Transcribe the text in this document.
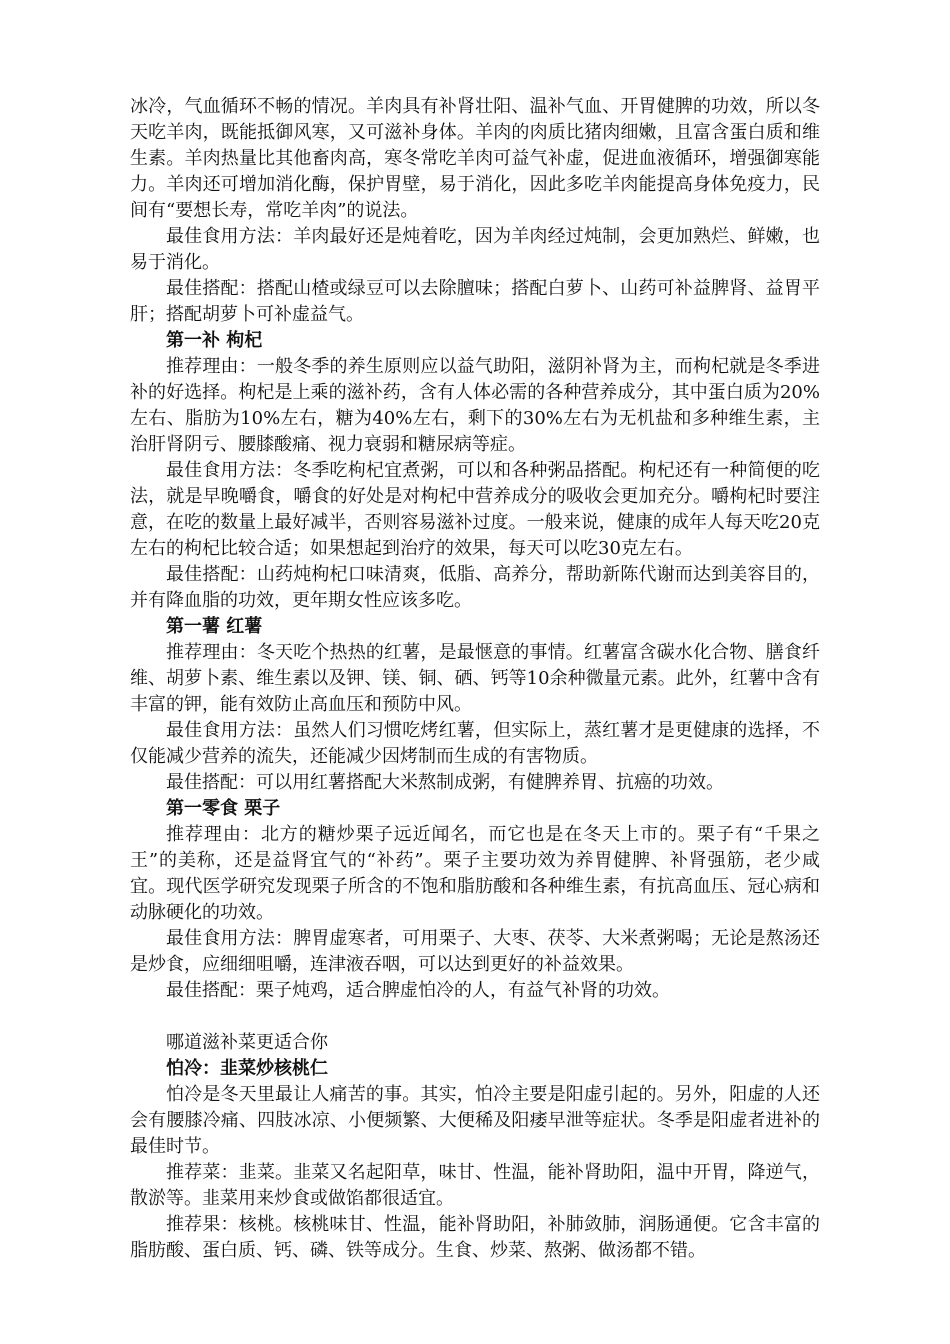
冰冷，气血循环不畅的情况。羊肉具有补肾壮阳、温补气血、开胃健脾的功效，所以冬天吃羊肉，既能抵御风寒，又可滋补身体。羊肉的肉质比猪肉细嫩，且富含蛋白质和维生素。羊肉热量比其他畜肉高，寒冬常吃羊肉可益气补虚，促进血液循环，增强御寒能力。羊肉还可增加消化酶，保护胃壁，易于消化，因此多吃羊肉能提高身体免疫力，民间有“要想长寿，常吃羊肉”的说法。

最佳食用方法：羊肉最好还是炖着吃，因为羊肉经过炖制，会更加熟烂、鲜嫩，也易于消化。

最佳搭配：搭配山楂或绿豆可以去除膻味；搭配白萝卜、山药可补益脾肾、益胃平肝；搭配胡萝卜可补虚益气。

第一补 枸杞

推荐理由：一般冬季的养生原则应以益气助阳，滋阴补肾为主，而枸杞就是冬季进补的好选择。枸杞是上乘的滋补药，含有人体必需的各种营养成分，其中蛋白质为20%左右、脂肪为10%左右，糖为40%左右，剩下的30%左右为无机盐和多种维生素，主治肝肾阴亏、腰膝酸痛、视力衰弱和糖尿病等症。

最佳食用方法：冬季吃枸杞宜煮粥，可以和各种粥品搭配。枸杞还有一种简便的吃法，就是早晚嚼食，嚼食的好处是对枸杞中营养成分的吸收会更加充分。嚼枸杞时要注意，在吃的数量上最好减半，否则容易滋补过度。一般来说，健康的成年人每天吃20克左右的枸杞比较合适；如果想起到治疗的效果，每天可以吃30克左右。

最佳搭配：山药炖枸杞口味清爽，低脂、高养分，帮助新陈代谢而达到美容目的，并有降血脂的功效，更年期女性应该多吃。

第一薯 红薯

推荐理由：冬天吃个热热的红薯，是最惬意的事情。红薯富含碳水化合物、膳食纤维、胡萝卜素、维生素以及钾、镁、铜、硒、钙等10余种微量元素。此外，红薯中含有丰富的钾，能有效防止高血压和预防中风。

最佳食用方法：虽然人们习惯吃烤红薯，但实际上，蒸红薯才是更健康的选择，不仅能减少营养的流失，还能减少因烤制而生成的有害物质。

最佳搭配：可以用红薯搭配大米熬制成粥，有健脾养胃、抗癌的功效。

第一零食 栗子

推荐理由：北方的糖炒栗子远近闻名，而它也是在冬天上市的。栗子有“千果之王”的美称，还是益肾宜气的“补药”。栗子主要功效为养胃健脾、补肾强筋，老少咸宜。现代医学研究发现栗子所含的不饱和脂肪酸和各种维生素，有抗高血压、冠心病和动脉硬化的功效。

最佳食用方法：脾胃虚寒者，可用栗子、大枣、茯苓、大米煮粥喝；无论是熬汤还是炒食，应细细咀嚼，连津液吞咽，可以达到更好的补益效果。

最佳搭配：栗子炖鸡，适合脾虚怕冷的人，有益气补肾的功效。

哪道滋补菜更适合你

怕冷：韭菜炒核桃仁

怕冷是冬天里最让人痛苦的事。其实，怕冷主要是阳虚引起的。另外，阳虚的人还会有腰膝冷痛、四肢冰凉、小便频繁、大便稀及阳痿早泄等症状。冬季是阳虚者进补的最佳时节。

推荐菜：韭菜。韭菜又名起阳草，味甘、性温，能补肾助阳，温中开胃，降逆气，散淤等。韭菜用来炒食或做馅都很适宜。

推荐果：核桃。核桃味甘、性温，能补肾助阳，补肺敛肺，润肠通便。它含丰富的脂肪酸、蛋白质、钙、磷、铁等成分。生食、炒菜、熬粥、做汤都不错。
